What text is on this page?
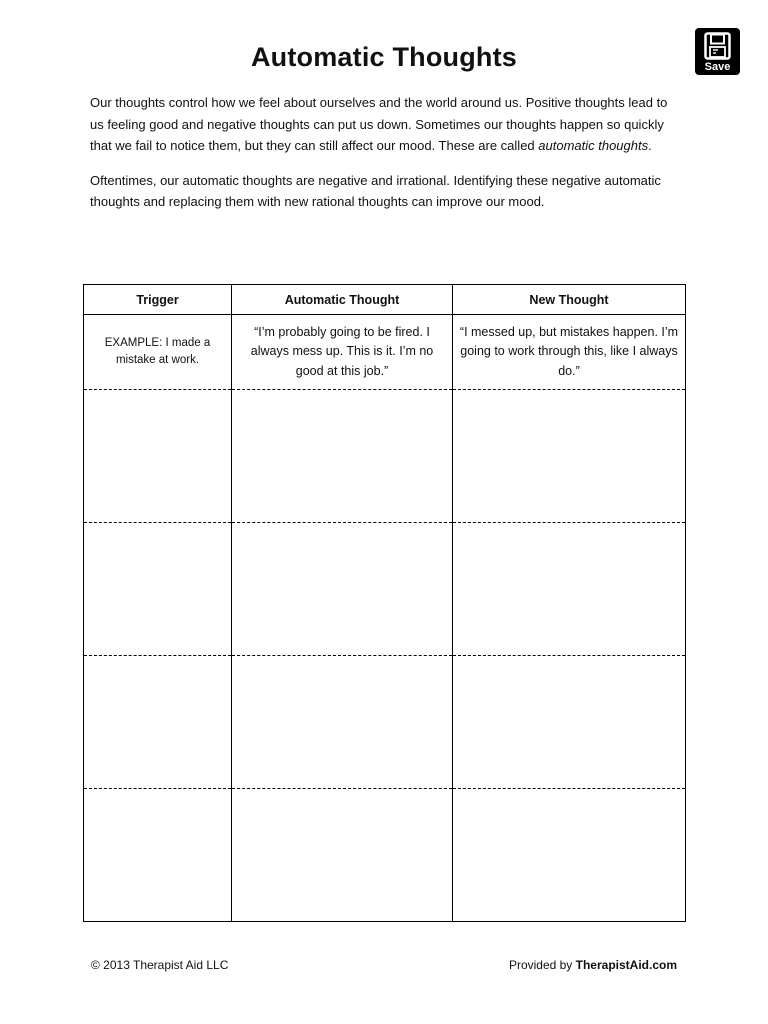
Automatic Thoughts	Save

Our thoughts control how we feel about ourselves and the world around us. Positive thoughts lead to us feeling good and negative thoughts can put us down. Sometimes our thoughts happen so quickly that we fail to notice them, but they can still affect our mood. These are called automatic thoughts.

Oftentimes, our automatic thoughts are negative and irrational. Identifying these negative automatic thoughts and replacing them with new rational thoughts can improve our mood.

Trigger	Automatic Thought	New Thought
EXAMPLE: I made a mistake at work.	“I’m probably going to be fired. I always mess up. This is it. I’m no good at this job.”	“I messed up, but mistakes happen. I’m going to work through this, like I always do.”

© 2013 Therapist Aid LLC	Provided by TherapistAid.com
